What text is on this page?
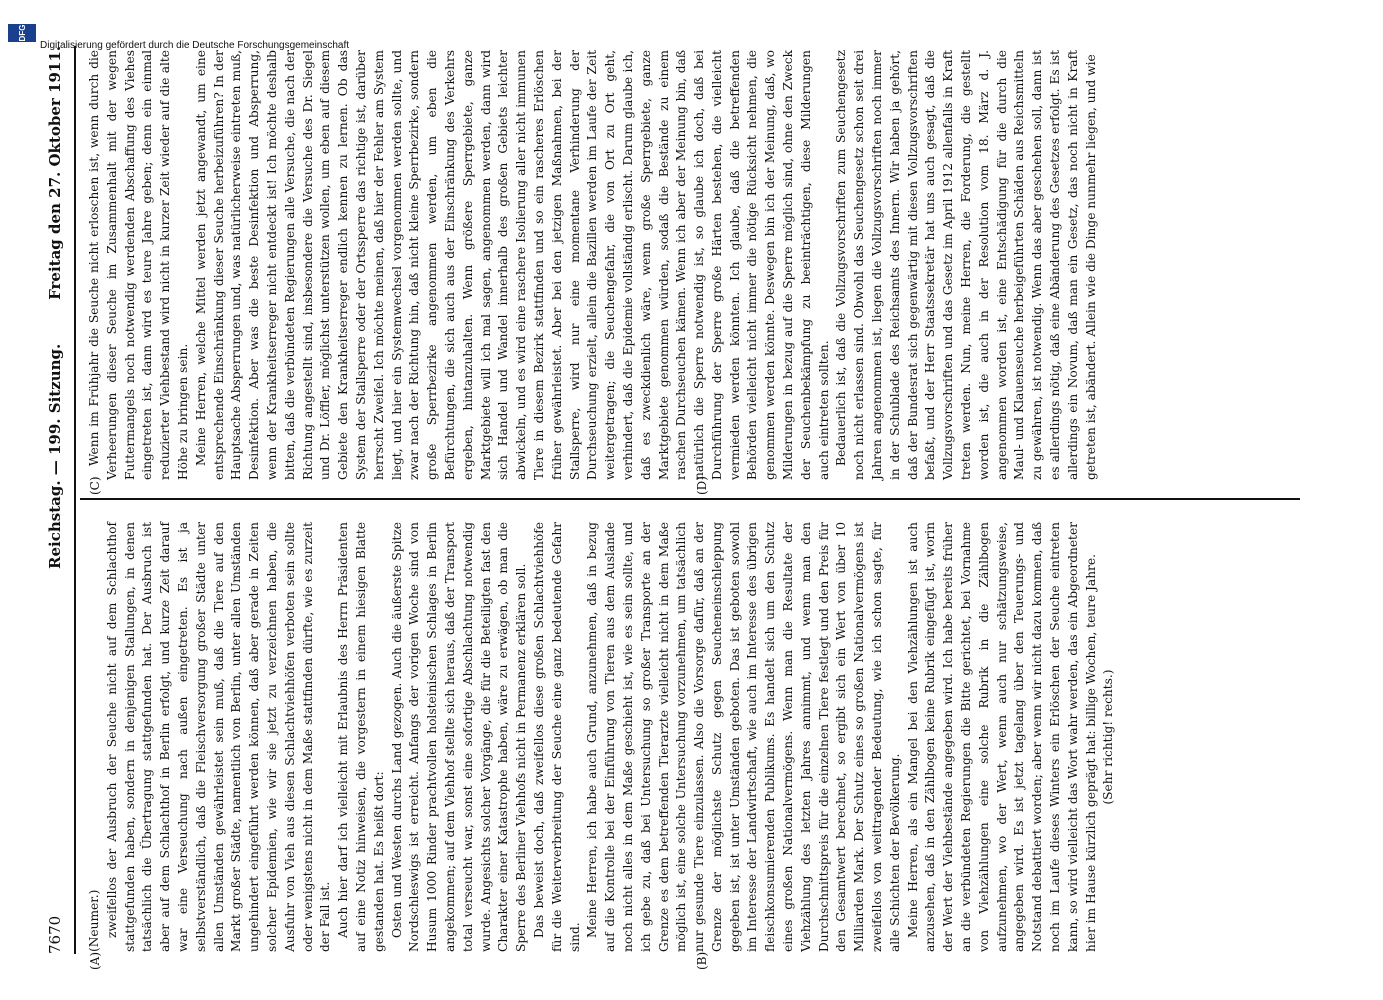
7670
Reichstag. — 199. Sitzung.
Freitag den 27. Oktober 1911.
(A)	(B)
(C)	(D)
(Neumer.) zweifellos der Ausbruch der Seuche nicht auf dem Schlachthof stattgefunden haben, sondern in denjenigen Stallungen, in denen tatsächlich die Übertragung stattgefunden hat. Der Ausbruch ist aber auf dem Schlachthof in Berlin erfolgt, und kurze Zeit darauf war eine Verseuchung nach außen eingetreten. Es ist ja selbstverständlich, daß die Fleischversorgung großer Städte unter allen Umständen gewährleistet sein muß, daß die Tiere auf den Markt großer Städte, namentlich von Berlin, unter allen Umständen ungehindert eingeführt werden können, daß aber gerade in Zeiten solcher Epidemien, wie wir sie jetzt zu verzeichnen haben, die Ausfuhr von Vieh aus diesen Schlachtviehhöfen verboten sein sollte oder wenigstens nicht in dem Maße stattfinden dürfte, wie es zurzeit der Fall ist. Auch hier darf ich vielleicht mit Erlaubnis des Herrn Präsidenten auf eine Notiz hinweisen, die vorgestern in einem hiesigen Blatte gestanden hat. Es heißt dort: Osten und Westen durchs Land gezogen. Auch die äußerste Spitze Nordschleswigs ist erreicht. Anfangs der vorigen Woche sind von Husum 1000 Rinder prachtvollen holsteinischen Schlages in Berlin angekommen; auf dem Viehhof stellte sich heraus, daß der Transport total verseucht war, sonst eine sofortige Abschlachtung notwendig wurde. Angesichts solcher Vorgänge, die für die Beteiligten fast den Charakter einer Katastrophe haben, wäre zu erwägen, ob man die Sperre des Berliner Viehhofs nicht in Permanenz erklären soll. Das beweist doch, daß zweifellos diese großen Schlachtviehhöfe für die Weiterverbreitung der Seuche eine ganz bedeutende Gefahr sind. Meine Herren, ich habe auch Grund, anzunehmen, daß in bezug auf die Kontrolle bei der Einführung von Tieren aus dem Auslande noch nicht alles in dem Maße geschieht ist, wie es sein sollte, und ich gebe zu, daß bei Untersuchung so großer Transporte an der Grenze es dem betreffenden Tierarzte vielleicht nicht in dem Maße möglich ist, eine solche Untersuchung vorzunehmen, um tatsächlich nur gesunde Tiere einzulassen. Also die Vorsorge dafür, daß an der Grenze der möglichste Schutz gegen Seucheneinschleppung gegeben ist, ist unter Umständen geboten. Das ist geboten sowohl im Interesse der Landwirtschaft, wie auch im Interesse des übrigen fleischkonsumierenden Publikums. Es handelt sich um den Schutz eines großen Nationalvermögens. Wenn man die Resultate der Viehzählung des letzten Jahres annimmt, und wenn man den Durchschnittspreis für die einzelnen Tiere festlegt und den Preis für den Gesamtwert berechnet, so ergibt sich ein Wert von über 10 Milliarden Mark. Der Schutz eines so großen Nationalvermögens ist zweifellos von weittragender Bedeutung, wie ich schon sagte, für alle Schichten der Bevölkerung. Meine Herren, als ein Mangel bei den Viehzählungen ist auch anzusehen, daß in den Zählbogen keine Rubrik eingefügt ist, worin der Wert der Viehbestände angegeben wird. Ich habe bereits früher an die verbündeten Regierungen die Bitte gerichtet, bei Vornahme von Viehzählungen eine solche Rubrik in die Zählbogen aufzunehmen, wo der Wert, wenn auch nur schätzungsweise, angegeben wird. Es ist jetzt tagelang über den Teuerungs- und Notstand debattiert worden; aber wenn wir nicht dazu kommen, daß noch im Laufe dieses Winters ein Erlöschen der Seuche eintreten kann, so wird vielleicht das Wort wahr werden, das ein Abgeordneter hier im Hause kürzlich geprägt hat: billige Wochen, teure Jahre. (Sehr richtig! rechts.)

Wenn im Frühjahr die Seuche nicht erloschen ist, wenn durch die Verheerungen dieser Seuche im Zusammenhalt mit der wegen Futtermangels noch notwendig werdenden Abschaffung des Viehes eingetreten ist, dann wird es teure Jahre geben; denn ein einmal reduzierter Viehbestand wird nicht in kurzer Zeit wieder auf die alte Höhe zu bringen sein. Meine Herren, welche Mittel werden jetzt angewandt, um eine entsprechende Einschränkung dieser Seuche herbeizuführen? In der Hauptsache Absperrungen und, was natürlicherweise eintreten muß, Desinfektion. Aber was die beste Desinfektion und Absperrung, wenn der Krankheitserreger nicht entdeckt ist! Ich möchte deshalb bitten, daß die verbündeten Regierungen alle Versuche, die nach der Richtung angestellt sind, insbesondere die Versuche des Dr. Siegel und Dr. Löffler, möglichst unterstützen wollen, um eben auf diesem Gebiete den Krankheitserreger endlich kennen zu lernen. Ob das System der Stallsperre oder der Ortssperre das richtige ist, darüber herrscht Zweifel. Ich möchte meinen, daß hier der Fehler am System liegt, und hier ein Systemwechsel vorgenommen werden sollte, und zwar nach der Richtung hin, daß nicht kleine Sperrbezirke, sondern große Sperrbezirke angenommen werden, um eben die Befürchtungen, die sich auch aus der Einschränkung des Verkehrs ergeben, hintanzuhalten. Wenn größere Sperrgebiete, ganze Marktgebiete will ich mal sagen, angenommen werden, dann wird sich Handel und Wandel innerhalb des großen Gebiets leichter abwickeln, und es wird eine raschere Isolierung aller nicht immunen Tiere in diesem Bezirk stattfinden und so ein rascheres Erlöschen früher gewährleistet. Aber bei den jetzigen Maßnahmen, bei der Stallsperre, wird nur eine momentane Verhinderung der Durchseuchung erzielt, allein die Bazillen werden im Laufe der Zeit weitergetragen; die Seuchengefahr, die von Ort zu Ort geht, verhindert, daß die Epidemie vollständig erlischt. Darum glaube ich, daß es zweckdienlich wäre, wenn große Sperrgebiete, ganze Marktgebiete genommen würden, sodaß die Bestände zu einem raschen Durchseuchen kämen. Wenn ich aber der Meinung bin, daß natürlich die Sperre notwendig ist, so glaube ich doch, daß bei Durchführung der Sperre große Härten bestehen, die vielleicht vermieden werden könnten. Ich glaube, daß die betreffenden Behörden vielleicht nicht immer die nötige Rücksicht nehmen, die genommen werden könnte. Deswegen bin ich der Meinung, daß, wo Milderungen in bezug auf die Sperre möglich sind, ohne den Zweck der Seuchenbekämpfung zu beeinträchtigen, diese Milderungen auch eintreten sollten. Bedauerlich ist, daß die Vollzugsvorschriften zum Seuchengesetz noch nicht erlassen sind. Obwohl das Seuchengesetz schon seit drei Jahren angenommen ist, liegen die Vollzugsvorschriften noch immer in der Schublade des Reichsamts des Innern. Wir haben ja gehört, daß der Bundesrat sich gegenwärtig mit diesen Vollzugsvorschriften befaßt, und der Herr Staatssekretär hat uns auch gesagt, daß die Vollzugsvorschriften und das Gesetz im April 1912 allenfalls in Kraft treten werden. Nun, meine Herren, die Forderung, die gestellt worden ist, die auch in der Resolution vom 18. März d. J. angenommen worden ist, eine Entschädigung für die durch die Maul- und Klauenseuche herbeigeführten Schäden aus Reichsmitteln zu gewähren, ist notwendig. Wenn das aber geschehen soll, dann ist es allerdings nötig, daß eine Abänderung des Gesetzes erfolgt. Es ist allerdings ein Novum, daß man ein Gesetz, das noch nicht in Kraft getreten ist, abändert. Allein wie die Dinge nunmehr liegen, und wie

DFG
Digitalisierung gefördert durch die Deutsche Forschungsgemeinschaft
